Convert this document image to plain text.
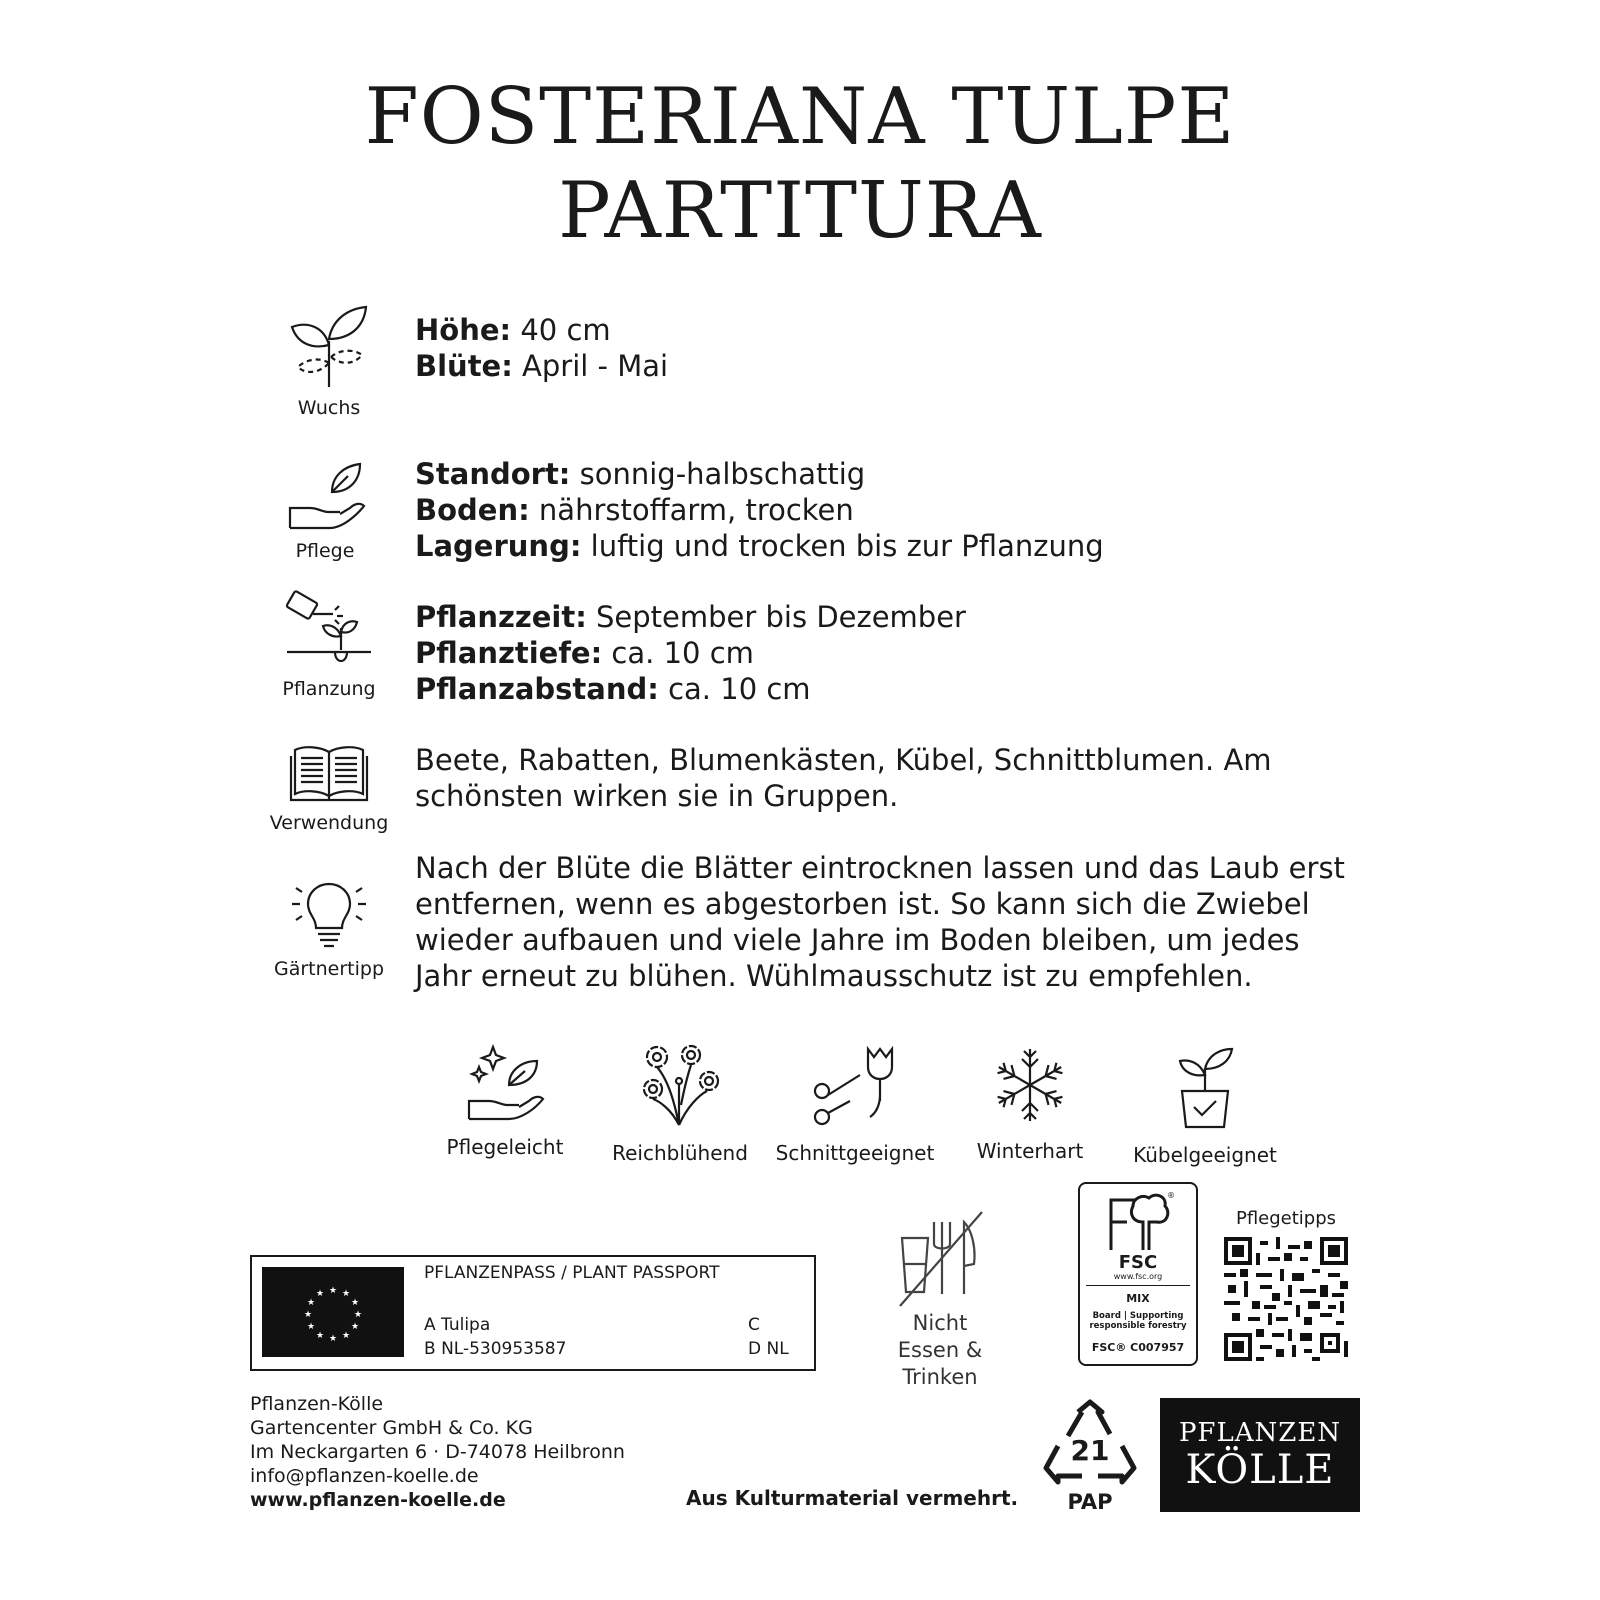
FOSTERIANA TULPE
PARTITURA
Wuchs
Höhe: 40 cm
Blüte: April - Mai
Pflege
Standort: sonnig-halbschattig
Boden: nährstoffarm, trocken
Lagerung: luftig und trocken bis zur Pflanzung
Pflanzung
Pflanzzeit: September bis Dezember
Pflanztiefe: ca. 10 cm
Pflanzabstand: ca. 10 cm
Verwendung
Beete, Rabatten, Blumenkästen, Kübel, Schnittblumen. Am schönsten wirken sie in Gruppen.
Gärtnertipp
Nach der Blüte die Blätter eintrocknen lassen und das Laub erst entfernen, wenn es abgestorben ist. So kann sich die Zwiebel wieder aufbauen und viele Jahre im Boden bleiben, um jedes Jahr erneut zu blühen. Wühlmausschutz ist zu empfehlen.
Pflegeleicht	Reichblühend	Schnittgeeignet	Winterhart	Kübelgeeignet
★ ★
★
★
★
★
★
★
★
★
★
★
PFLANZENPASS / PLANT PASSPORT
A Tulipa
B NL-530953587
C
D NL
Nicht
Essen & Trinken
®
FSC
www.fsc.org
MIX
Board | Supporting
responsible forestry
FSC® C007957
Pflegetipps
Pflanzen-Kölle
Gartencenter GmbH & Co. KG
Im Neckargarten 6 · D-74078 Heilbronn
info@pflanzen-koelle.de
www.pflanzen-koelle.de	Aus Kulturmaterial vermehrt.
21
PAP
PFLANZEN
KÖLLE
